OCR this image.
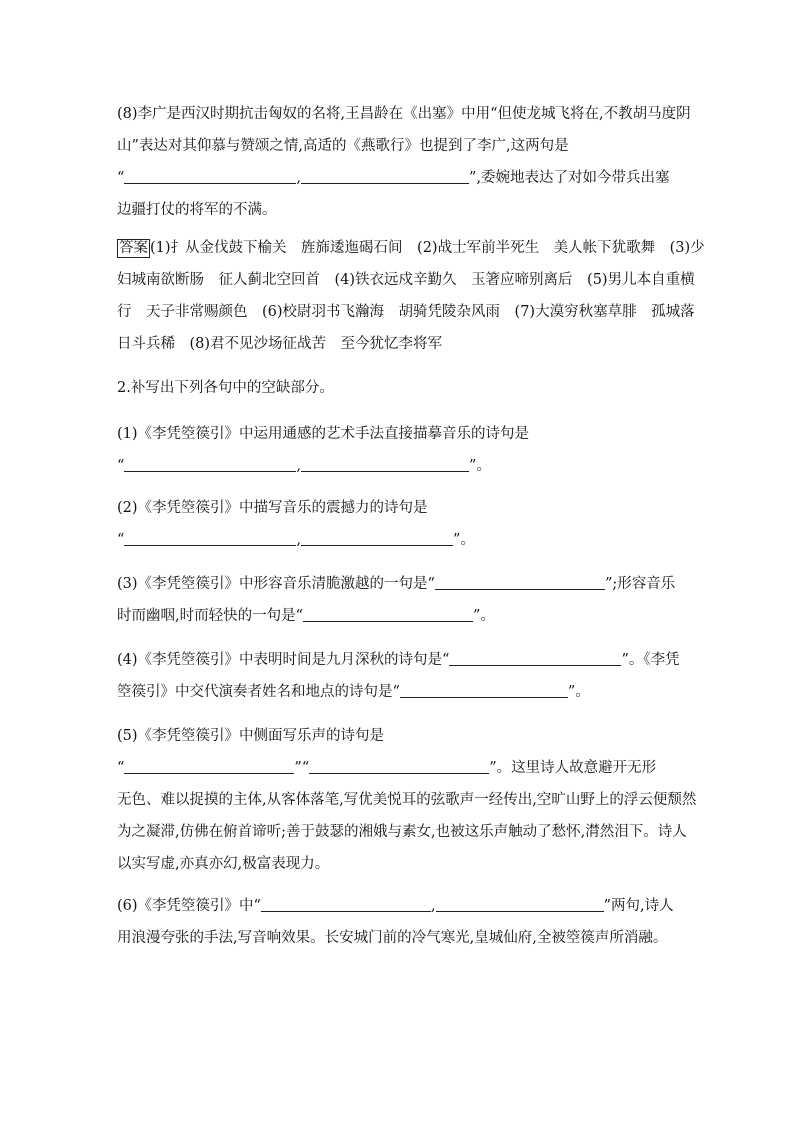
(8)李广是西汉时期抗击匈奴的名将,王昌龄在《出塞》中用“但使龙城飞将在,不教胡马度阴
山”表达对其仰慕与赞颂之情,高适的《燕歌行》也提到了李广,这两句是
“	,	”,委婉地表达了对如今带兵出塞
边疆打仗的将军的不满。
答案 (1)扌从金伐鼓下榆关　旌旆逶迤碣石间　(2)战士军前半死生　美人帐下犹歌舞　(3)少
妇城南欲断肠　征人蓟北空回首　(4)铁衣远戍辛勤久　玉箸应啼别离后　(5)男儿本自重横
行　天子非常赐颜色　(6)校尉羽书飞瀚海　胡骑凭陵杂风雨　(7)大漠穷秋塞草腓　孤城落
日斗兵稀　(8)君不见沙场征战苦　至今犹忆李将军
2.补写出下列各句中的空缺部分。
(1)《李凭箜篌引》中运用通感的艺术手法直接描摹音乐的诗句是
“	,	”。
(2)《李凭箜篌引》中描写音乐的震撼力的诗句是
“	,	”。
(3)《李凭箜篌引》中形容音乐清脆激越的一句是“	”;形容音乐
时而幽咽,时而轻快的一句是“	”。
(4)《李凭箜篌引》中表明时间是九月深秋的诗句是“	”。《李凭
箜篌引》中交代演奏者姓名和地点的诗句是“	”。
(5)《李凭箜篌引》中侧面写乐声的诗句是
“	”“	”。这里诗人故意避开无形
无色、难以捉摸的主体,从客体落笔,写优美悦耳的弦歌声一经传出,空旷山野上的浮云便颓然
为之凝滞,仿佛在俯首谛听;善于鼓瑟的湘娥与素女,也被这乐声触动了愁怀,潸然泪下。诗人
以实写虚,亦真亦幻,极富表现力。
(6)《李凭箜篌引》中“	,	”两句,诗人
用浪漫夸张的手法,写音响效果。长安城门前的冷气寒光,皇城仙府,全被箜篌声所消融。
